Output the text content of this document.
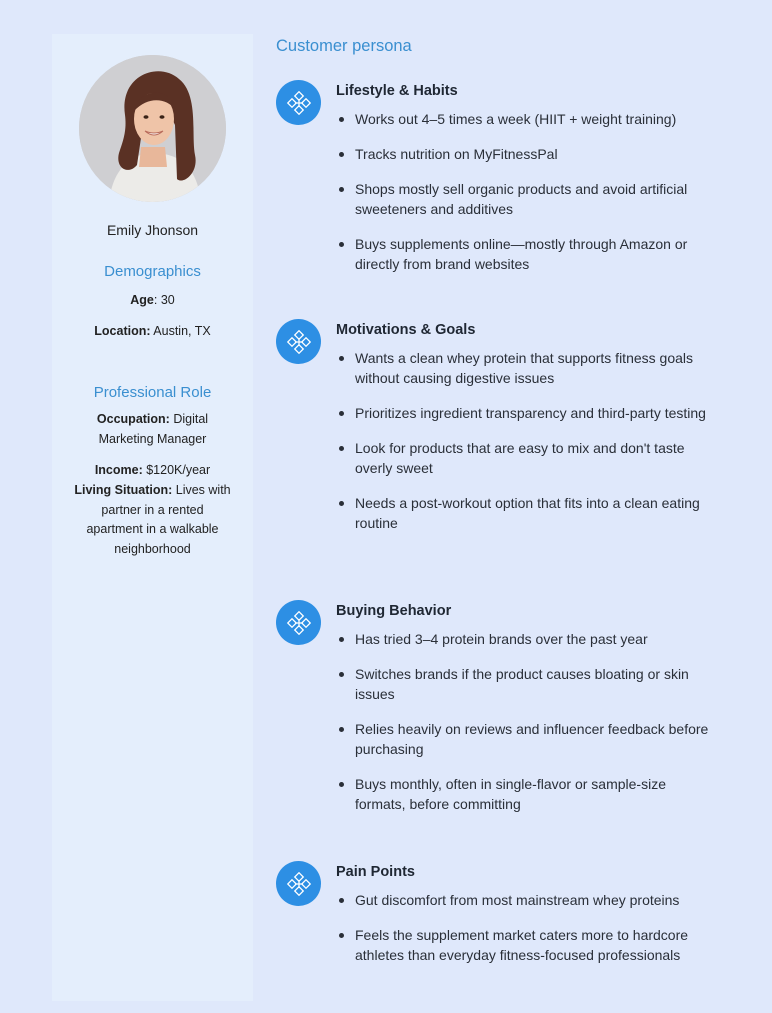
Emily Jhonson
Demographics
Age: 30
Location: Austin, TX
Professional Role
Occupation: Digital
Marketing Manager
Income: $120K/year
Living Situation: Lives with
partner in a rented
apartment in a walkable
neighborhood
Customer persona
Lifestyle & Habits
Works out 4–5 times a week (HIIT + weight training)
Tracks nutrition on MyFitnessPal
Shops mostly sell organic products and avoid artificial sweeteners and additives
Buys supplements online—mostly through Amazon or directly from brand websites
Motivations & Goals
Wants a clean whey protein that supports fitness goals without causing digestive issues
Prioritizes ingredient transparency and third-party testing
Look for products that are easy to mix and don't taste overly sweet
Needs a post-workout option that fits into a clean eating routine
Buying Behavior
Has tried 3–4 protein brands over the past year
Switches brands if the product causes bloating or skin issues
Relies heavily on reviews and influencer feedback before purchasing
Buys monthly, often in single-flavor or sample-size formats, before committing
Pain Points
Gut discomfort from most mainstream whey proteins
Feels the supplement market caters more to hardcore athletes than everyday fitness-focused professionals
